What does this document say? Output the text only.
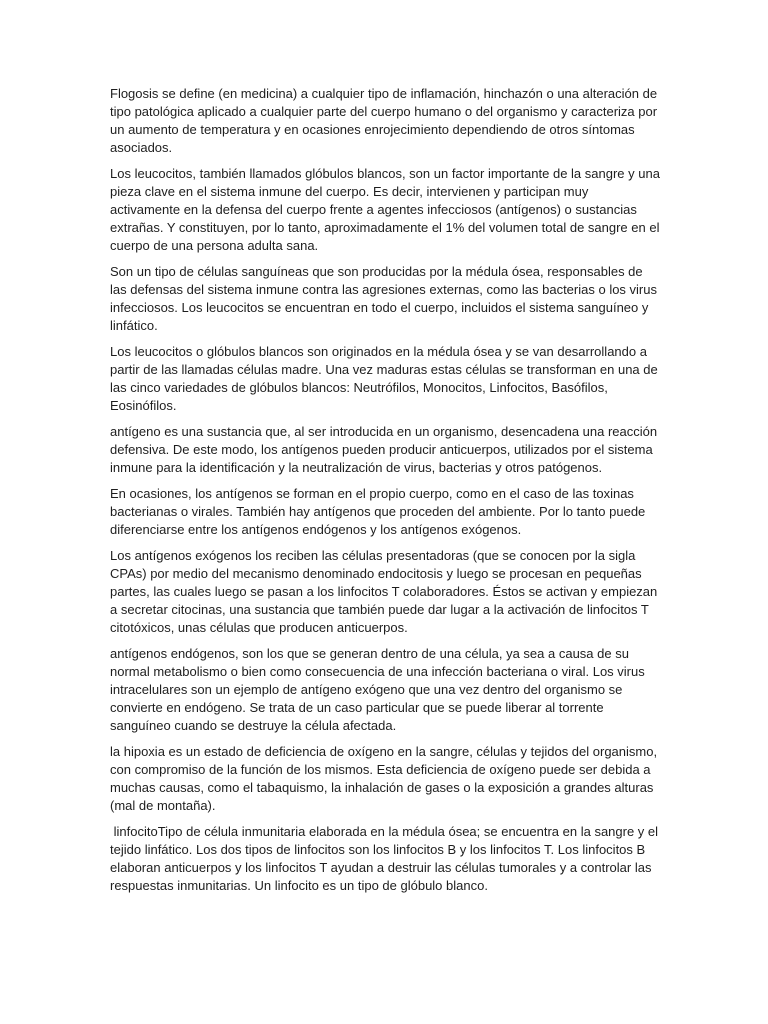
Flogosis se define (en medicina) a cualquier tipo de inflamación, hinchazón o una alteración de tipo patológica aplicado a cualquier parte del cuerpo humano o del organismo y caracteriza por un aumento de temperatura y en ocasiones enrojecimiento dependiendo de otros síntomas asociados.

Los leucocitos, también llamados glóbulos blancos, son un factor importante de la sangre y una pieza clave en el sistema inmune del cuerpo. Es decir, intervienen y participan muy activamente en la defensa del cuerpo frente a agentes infecciosos (antígenos) o sustancias extrañas. Y constituyen, por lo tanto, aproximadamente el 1% del volumen total de sangre en el cuerpo de una persona adulta sana.

Son un tipo de células sanguíneas que son producidas por la médula ósea, responsables de las defensas del sistema inmune contra las agresiones externas, como las bacterias o los virus infecciosos. Los leucocitos se encuentran en todo el cuerpo, incluidos el sistema sanguíneo y linfático.

Los leucocitos o glóbulos blancos son originados en la médula ósea y se van desarrollando a partir de las llamadas células madre. Una vez maduras estas células se transforman en una de las cinco variedades de glóbulos blancos: Neutrófilos, Monocitos, Linfocitos, Basófilos, Eosinófilos.

antígeno es una sustancia que, al ser introducida en un organismo, desencadena una reacción defensiva. De este modo, los antígenos pueden producir anticuerpos, utilizados por el sistema inmune para la identificación y la neutralización de virus, bacterias y otros patógenos.

En ocasiones, los antígenos se forman en el propio cuerpo, como en el caso de las toxinas bacterianas o virales. También hay antígenos que proceden del ambiente. Por lo tanto puede diferenciarse entre los antígenos endógenos y los antígenos exógenos.

Los antígenos exógenos los reciben las células presentadoras (que se conocen por la sigla CPAs) por medio del mecanismo denominado endocitosis y luego se procesan en pequeñas partes, las cuales luego se pasan a los linfocitos T colaboradores. Éstos se activan y empiezan a secretar citocinas, una sustancia que también puede dar lugar a la activación de linfocitos T citotóxicos, unas células que producen anticuerpos.

antígenos endógenos, son los que se generan dentro de una célula, ya sea a causa de su normal metabolismo o bien como consecuencia de una infección bacteriana o viral. Los virus intracelulares son un ejemplo de antígeno exógeno que una vez dentro del organismo se convierte en endógeno. Se trata de un caso particular que se puede liberar al torrente sanguíneo cuando se destruye la célula afectada.

la hipoxia es un estado de deficiencia de oxígeno en la sangre, células y tejidos del organismo, con compromiso de la función de los mismos. Esta deficiencia de oxígeno puede ser debida a muchas causas, como el tabaquismo, la inhalación de gases o la exposición a grandes alturas (mal de montaña).

linfocitoTipo de célula inmunitaria elaborada en la médula ósea; se encuentra en la sangre y el tejido linfático. Los dos tipos de linfocitos son los linfocitos B y los linfocitos T. Los linfocitos B elaboran anticuerpos y los linfocitos T ayudan a destruir las células tumorales y a controlar las respuestas inmunitarias. Un linfocito es un tipo de glóbulo blanco.
